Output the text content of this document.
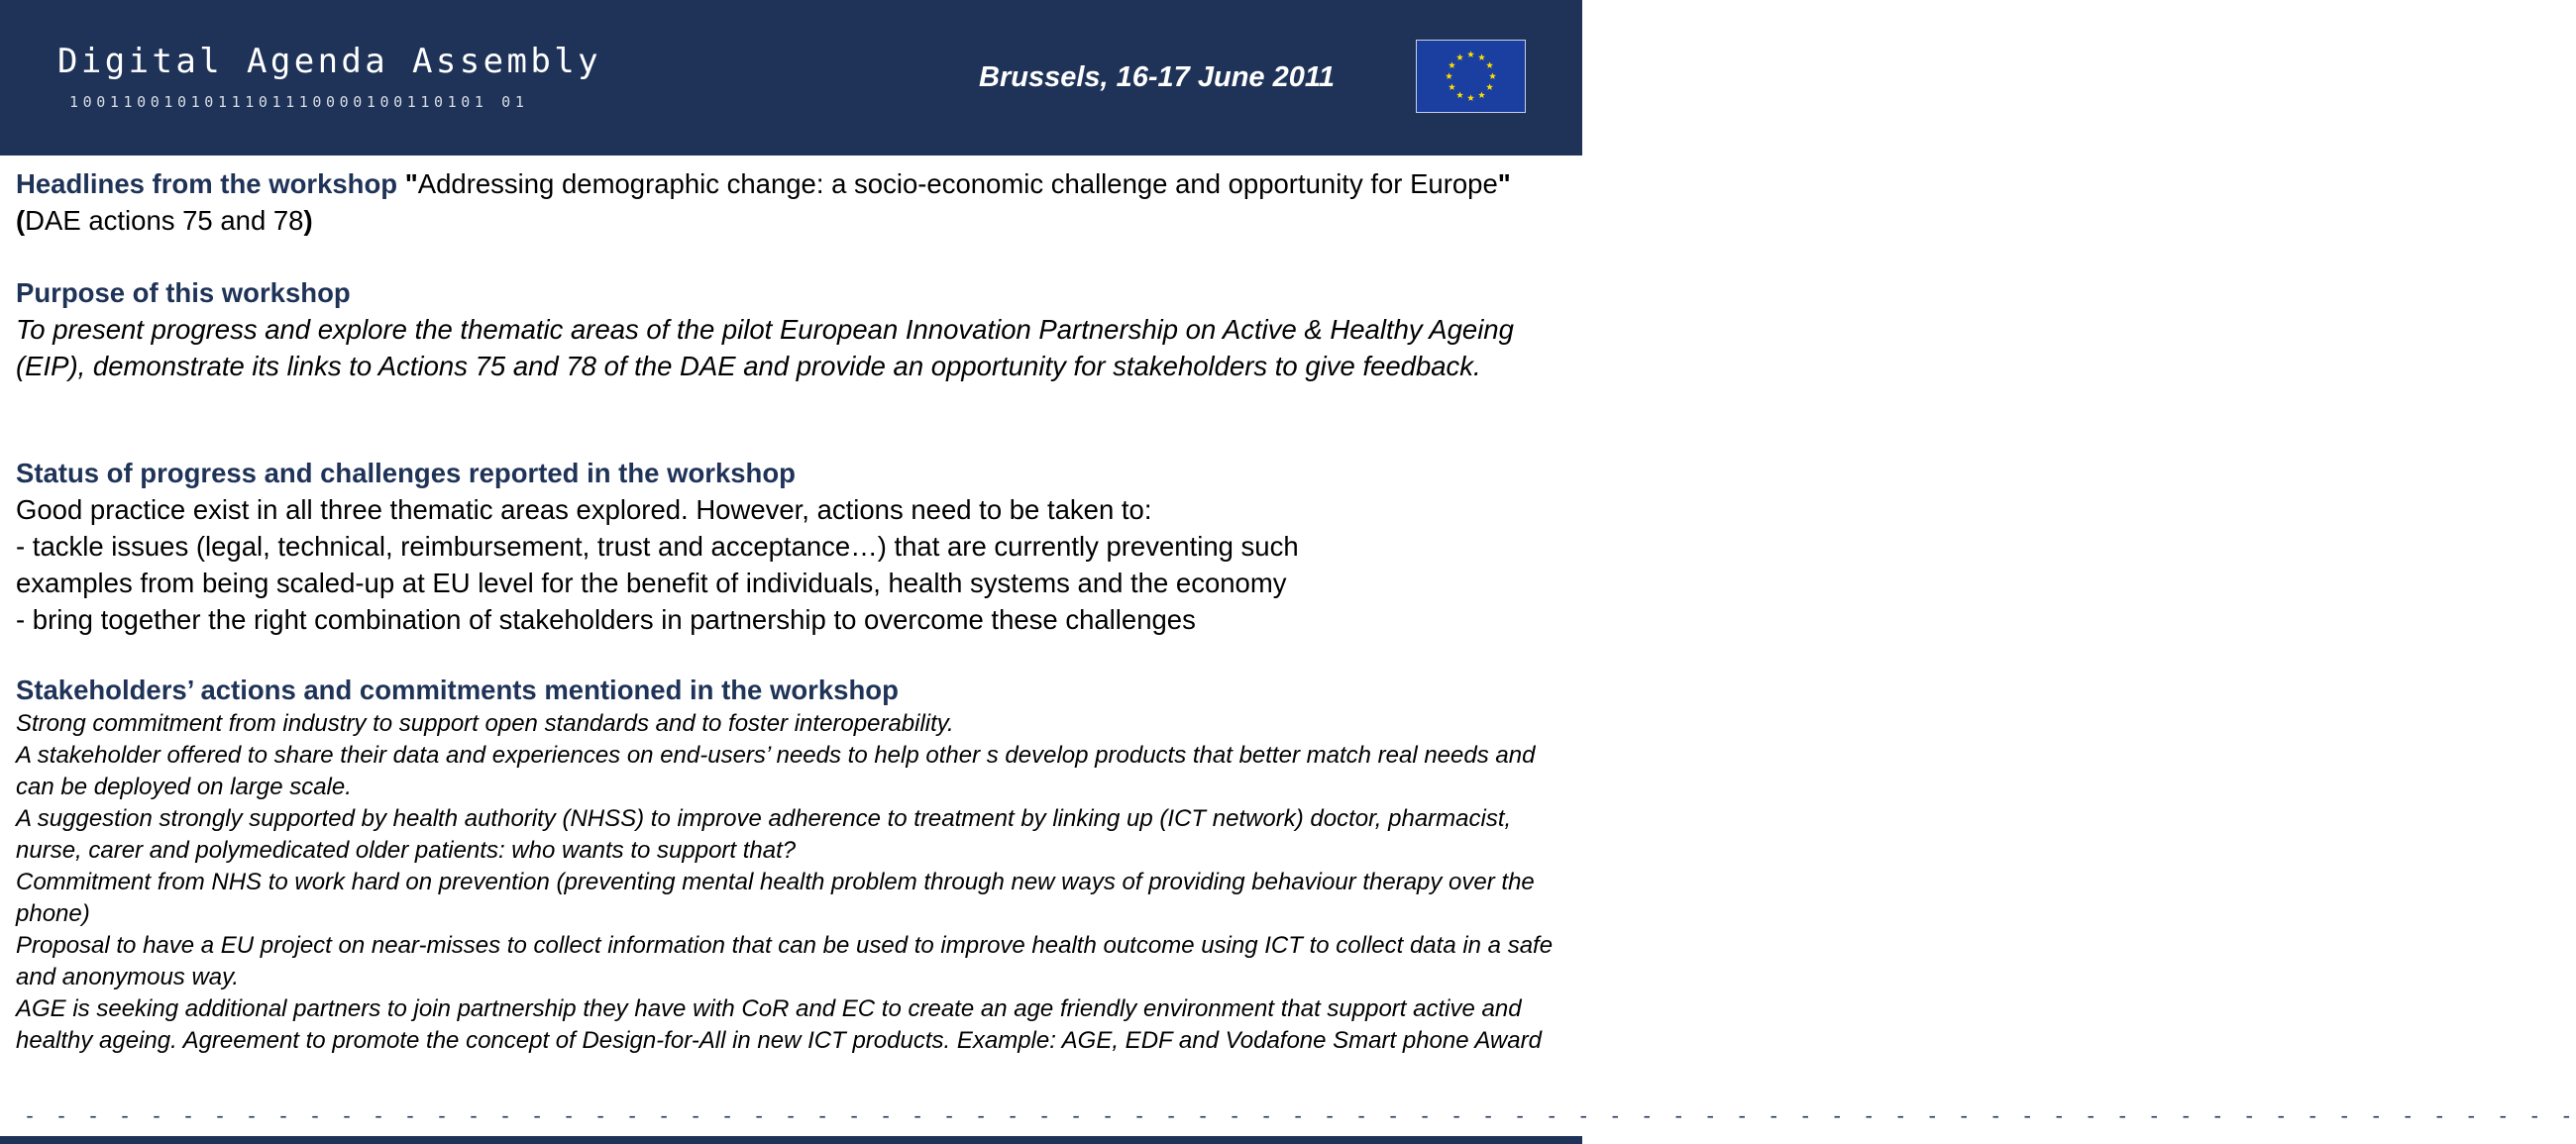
Digital Agenda Assembly
1001100101011101110000100110101 01
Brussels, 16-17 June 2011

Headlines from the workshop "Addressing demographic change: a socio-economic challenge and opportunity for Europe" (DAE actions 75 and 78)

Purpose of this workshop

To present progress and explore the thematic areas of the pilot European Innovation Partnership on Active & Healthy Ageing (EIP), demonstrate its links to Actions 75 and 78 of the DAE and provide an opportunity for stakeholders to give feedback.

Status of progress and challenges reported in the workshop

Good practice exist in all three thematic areas explored. However, actions need to be taken to:

- tackle issues (legal, technical, reimbursement, trust and acceptance…) that are currently preventing such

examples from being scaled-up at EU level for the benefit of individuals, health systems and the economy

- bring together the right combination of stakeholders in partnership to overcome these challenges

Stakeholders’ actions and commitments mentioned in the workshop

Strong commitment from industry to support open standards and to foster interoperability.

A stakeholder offered to share their data and experiences on end-users’ needs to help other s develop products that better match real needs and can be deployed on large scale.

A suggestion strongly supported by health authority (NHSS) to improve adherence to treatment by linking up (ICT network) doctor, pharmacist, nurse, carer and polymedicated older patients: who wants to support that?

Commitment from NHS to work hard on prevention (preventing mental health problem through new ways of providing behaviour therapy over the phone)

Proposal to have a EU project on near-misses to collect information that can be used to improve health outcome using ICT to collect data in a safe and anonymous way.

AGE is seeking additional partners to join partnership they have with CoR and EC to create an age friendly environment that support active and healthy ageing. Agreement to promote the concept of Design-for-All in new ICT products. Example: AGE, EDF and Vodafone Smart phone Award

- - - - - - - - - - - - - - - - - - - - - - - - - - - - - - - - - - - - - - - - - - - - - - - - - - - - - - - - - - - - - - - - - - - - - - - - - - - - - - - - -
